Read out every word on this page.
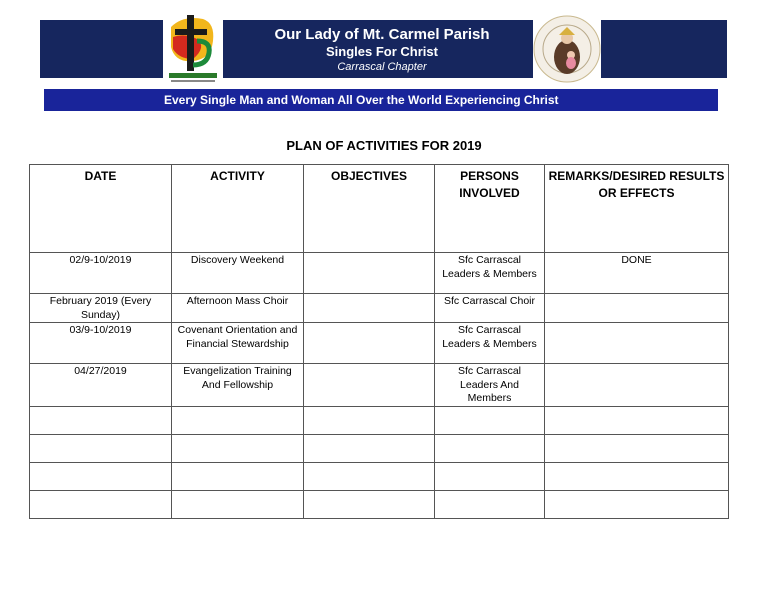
Our Lady of Mt. Carmel Parish
Singles For Christ
Carrascal Chapter
Every Single Man and Woman All Over the World Experiencing Christ
PLAN OF ACTIVITIES FOR 2019
DATE	ACTIVITY	OBJECTIVES	PERSONS INVOLVED	REMARKS/DESIRED RESULTS OR EFFECTS
02/9-10/2019	Discovery Weekend		Sfc Carrascal Leaders & Members	DONE
February 2019 (Every Sunday)	Afternoon Mass Choir		Sfc Carrascal Choir	
03/9-10/2019	Covenant Orientation and Financial Stewardship		Sfc Carrascal Leaders & Members	
04/27/2019	Evangelization Training And Fellowship		Sfc Carrascal Leaders And Members	
